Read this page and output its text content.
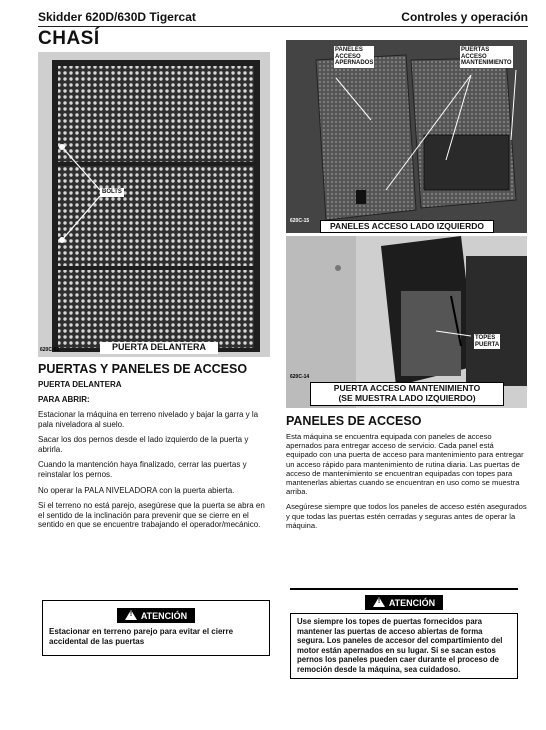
Skidder 620D/630D Tigercat	Controles y operación
CHASÍ
BOLTS
620C-02	PUERTA DELANTERA
PANELES
ACCESO
APERNADOS
PUERTAS
ACCESO
MANTENIMIENTO
620C-15	PANELES ACCESO LADO IZQUIERDO
TOPES
PUERTA
620C-14
PUERTA ACCESO MANTENIMIENTO
(SE MUESTRA LADO IZQUIERDO)
PUERTAS Y PANELES DE ACCESO
PUERTA DELANTERA
PARA ABRIR:

Estacionar la máquina en terreno nivelado y bajar la garra y la pala niveladora al suelo.

Sacar los dos pernos desde el lado izquierdo de la puerta y abrirla.

Cuando la mantención haya finalizado, cerrar las puertas y reinstalar los pernos.

No operar la PALA NIVELADORA con la puerta abierta.

Si el terreno no está parejo, asegúrese que la puerta se abra en el sentido de la inclinación para prevenir que se cierre en el sentido en que se encuentre trabajando el operador/mecánico.

! ATENCIÓN
Estacionar en terreno parejo para evitar el cierre accidental de las puertas
PANELES DE ACCESO

Esta máquina se encuentra equipada con paneles de acceso apernados para entregar acceso de servicio. Cada panel está equipado con una puerta de acceso para mantenimiento para entregar un acceso rápido para mantenimiento de rutina diaria. Las puertas de acceso de mantenimiento se encuentran equipadas con topes para mantenerlas abiertas cuando se encuentran en uso como se muestra arriba.

Asegúrese siempre que todos los paneles de acceso estén asegurados y que todas las puertas estén cerradas y seguras antes de operar la máquina.

! ATENCIÓN
Use siempre los topes de puertas fornecidos para mantener las puertas de acceso abiertas de forma segura. Los paneles de accesor del compartimiento del motor están apernados en su lugar. Si se sacan estos pernos los paneles pueden caer durante el proceso de remoción desde la máquina, sea cuidadoso.
